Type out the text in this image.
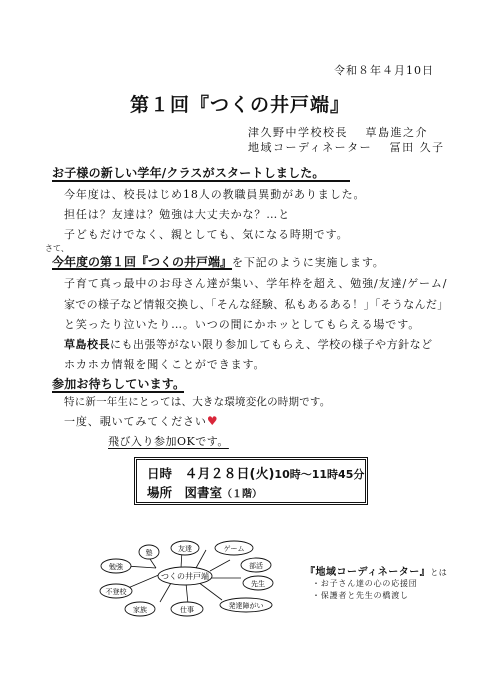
令和８年４月10日
第１回『つくの井戸端』
津久野中学校校長　 草島進之介
地域コーディネーター　 冨田 久子
お子様の新しい学年/クラスがスタートしました。
今年度は、校長はじめ18人の教職員異動がありました。
担任は？友達は？勉強は大丈夫かな？…と
子どもだけでなく、親としても、気になる時期です。
さて、
今年度の第１回『つくの井戸端』を下記のように実施します。
子育て真っ最中のお母さん達が集い、学年枠を超え、勉強/友達/ゲーム/
家での様子など情報交換し、「そんな経験、私もあるある！」「そうなんだ」
と笑ったり泣いたり…。いつの間にかホッとしてもらえる場です。
草島校長にも出張等がない限り参加してもらえ、学校の様子や方針など
ホカホカ情報を聞くことができます。
参加お待ちしています。
特に新一年生にとっては、大きな環境変化の時期です。
一度、覗いてみてください♥
飛び入り参加OKです。
日時　 ４月２８日(火)10時～11時45分
場所　 図書室（１階）
つくの井戸端
勉強
塾	友達	ゲーム
部活
先生
発達障がい
仕事
家族
不登校
『地域コーディネーター』とは
・お子さん達の心の応援団
・保護者と先生の橋渡し
